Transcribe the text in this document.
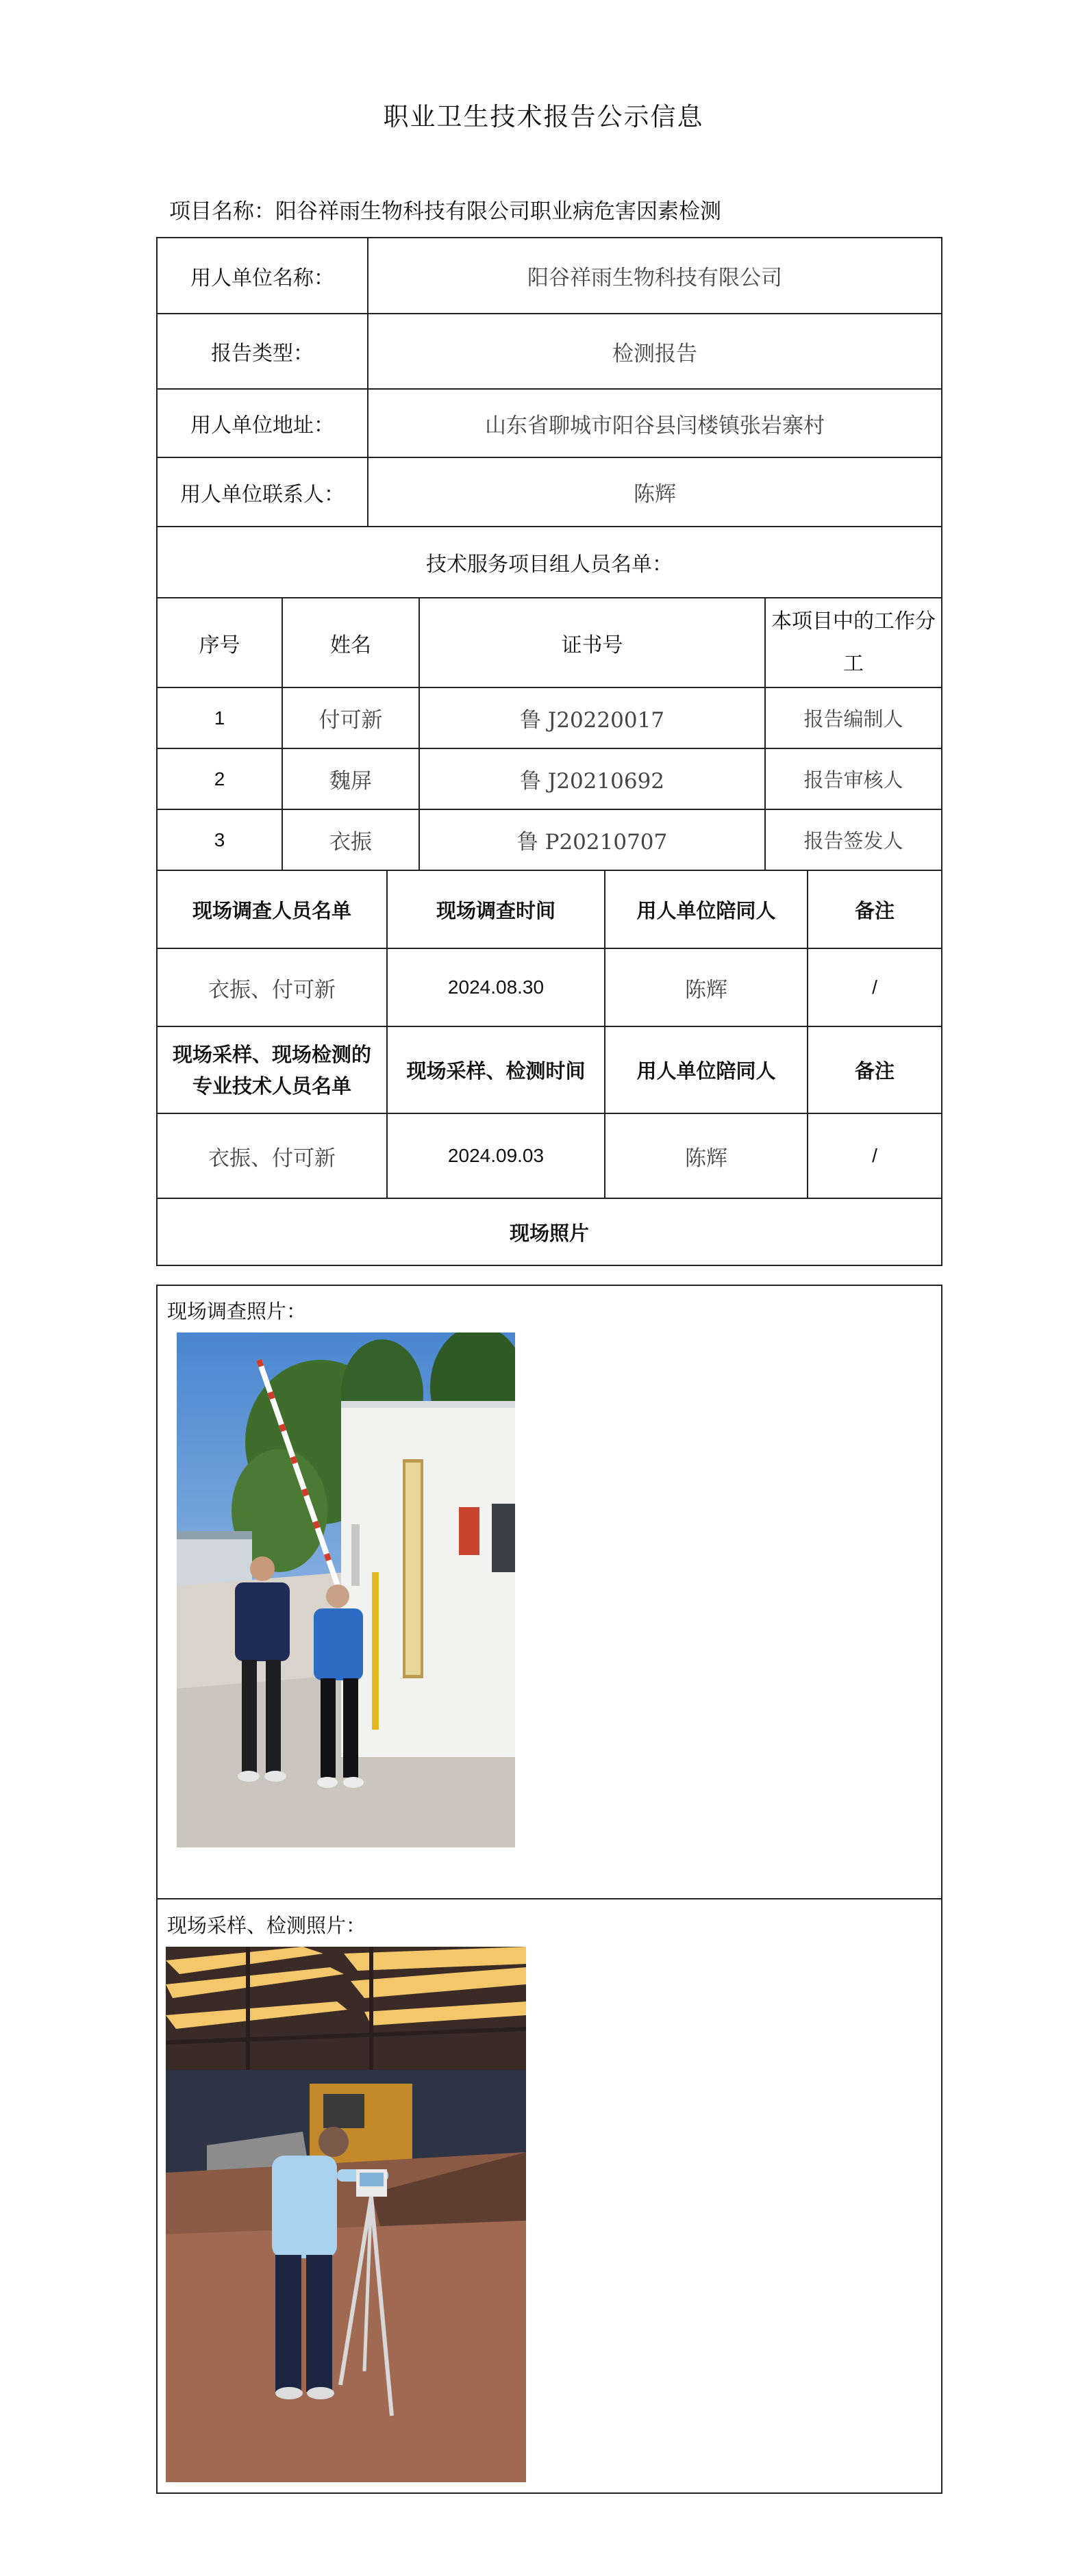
职业卫生技术报告公示信息
项目名称：阳谷祥雨生物科技有限公司职业病危害因素检测
用人单位名称：	阳谷祥雨生物科技有限公司
报告类型：	检测报告
用人单位地址：	山东省聊城市阳谷县闫楼镇张岩寨村
用人单位联系人：	陈辉
技术服务项目组人员名单：			
序号	姓名	证书号	本项目中的工作分工
1	付可新	鲁 J20220017	报告编制人
2	魏屏	鲁 J20210692	报告审核人
3	衣振	鲁 P20210707	报告签发人
现场调查人员名单	现场调查时间	用人单位陪同人	备注
衣振、付可新	2024.08.30	陈辉	/
现场采样、现场检测的专业技术人员名单	现场采样、检测时间	用人单位陪同人	备注
衣振、付可新	2024.09.03	陈辉	/
现场照片			
现场调查照片：
现场采样、检测照片：
